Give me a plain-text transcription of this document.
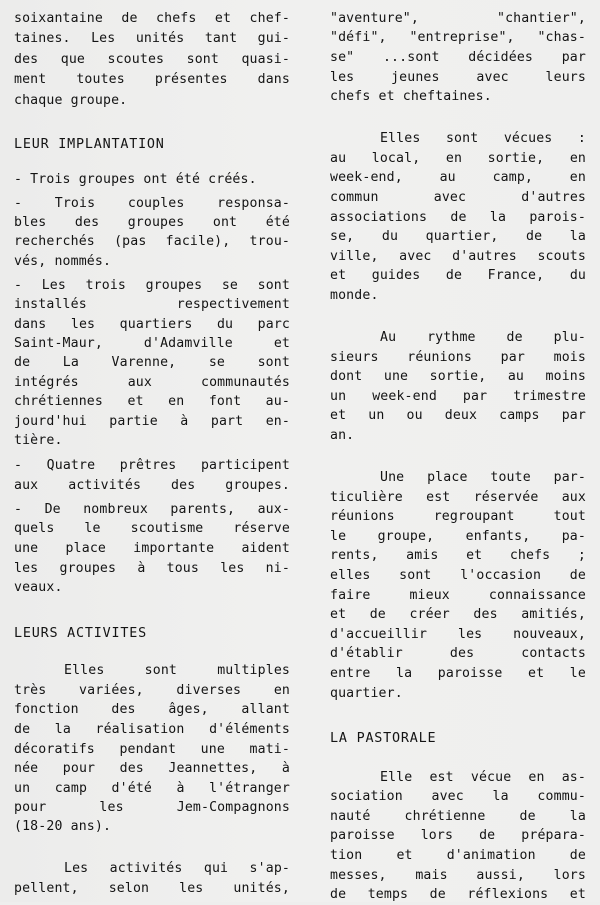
soixantaine de chefs et chef-
taines. Les unités tant gui-
des que scoutes sont quasi-
ment toutes présentes dans
chaque groupe.
LEUR IMPLANTATION
- Trois groupes ont été créés.
- Trois couples responsa-
bles des groupes ont été
recherchés (pas facile), trou-
vés, nommés.
- Les trois groupes se sont
installés	respectivement
dans les quartiers du parc
Saint-Maur,	d'Adamville	et
de La Varenne, se sont
intégrés	aux	communautés
chrétiennes et en font au-
jourd'hui partie à part en-
tière.
- Quatre prêtres participent
aux activités des groupes.
- De nombreux parents, aux-
quels le scoutisme réserve
une place importante aident
les groupes à tous les ni-
veaux.
LEURS ACTIVITES
Elles	sont	multiples
très variées, diverses en
fonction des âges, allant
de la réalisation d'éléments
décoratifs pendant une mati-
née pour des Jeannettes, à
un camp d'été à l'étranger
pour	les	Jem-Compagnons
(18-20 ans).
Les activités qui s'ap-
pellent, selon les unités,
"aventure",	"chantier",
"défi", "entreprise", "chas-
se" ...sont décidées par
les	jeunes	avec	leurs
chefs et cheftaines.
Elles sont vécues :
au local, en sortie, en
week-end,	au	camp,	en
commun	avec	d'autres
associations de la parois-
se, du quartier, de la
ville, avec d'autres scouts
et guides de France, du
monde.
Au rythme de plu-
sieurs réunions par mois
dont une sortie, au moins
un week-end par trimestre
et un ou deux camps par
an.
Une place toute par-
ticulière est réservée aux
réunions	regroupant	tout
le groupe, enfants, pa-
rents, amis et chefs ;
elles sont l'occasion de
faire	mieux	connaissance
et de créer des amitiés,
d'accueillir les nouveaux,
d'établir	des	contacts
entre la paroisse et le
quartier.
LA PASTORALE
Elle est vécue en as-
sociation avec la commu-
nauté	chrétienne	de	la
paroisse lors de prépara-
tion	et	d'animation	de
messes, mais aussi, lors
de temps de réflexions et
